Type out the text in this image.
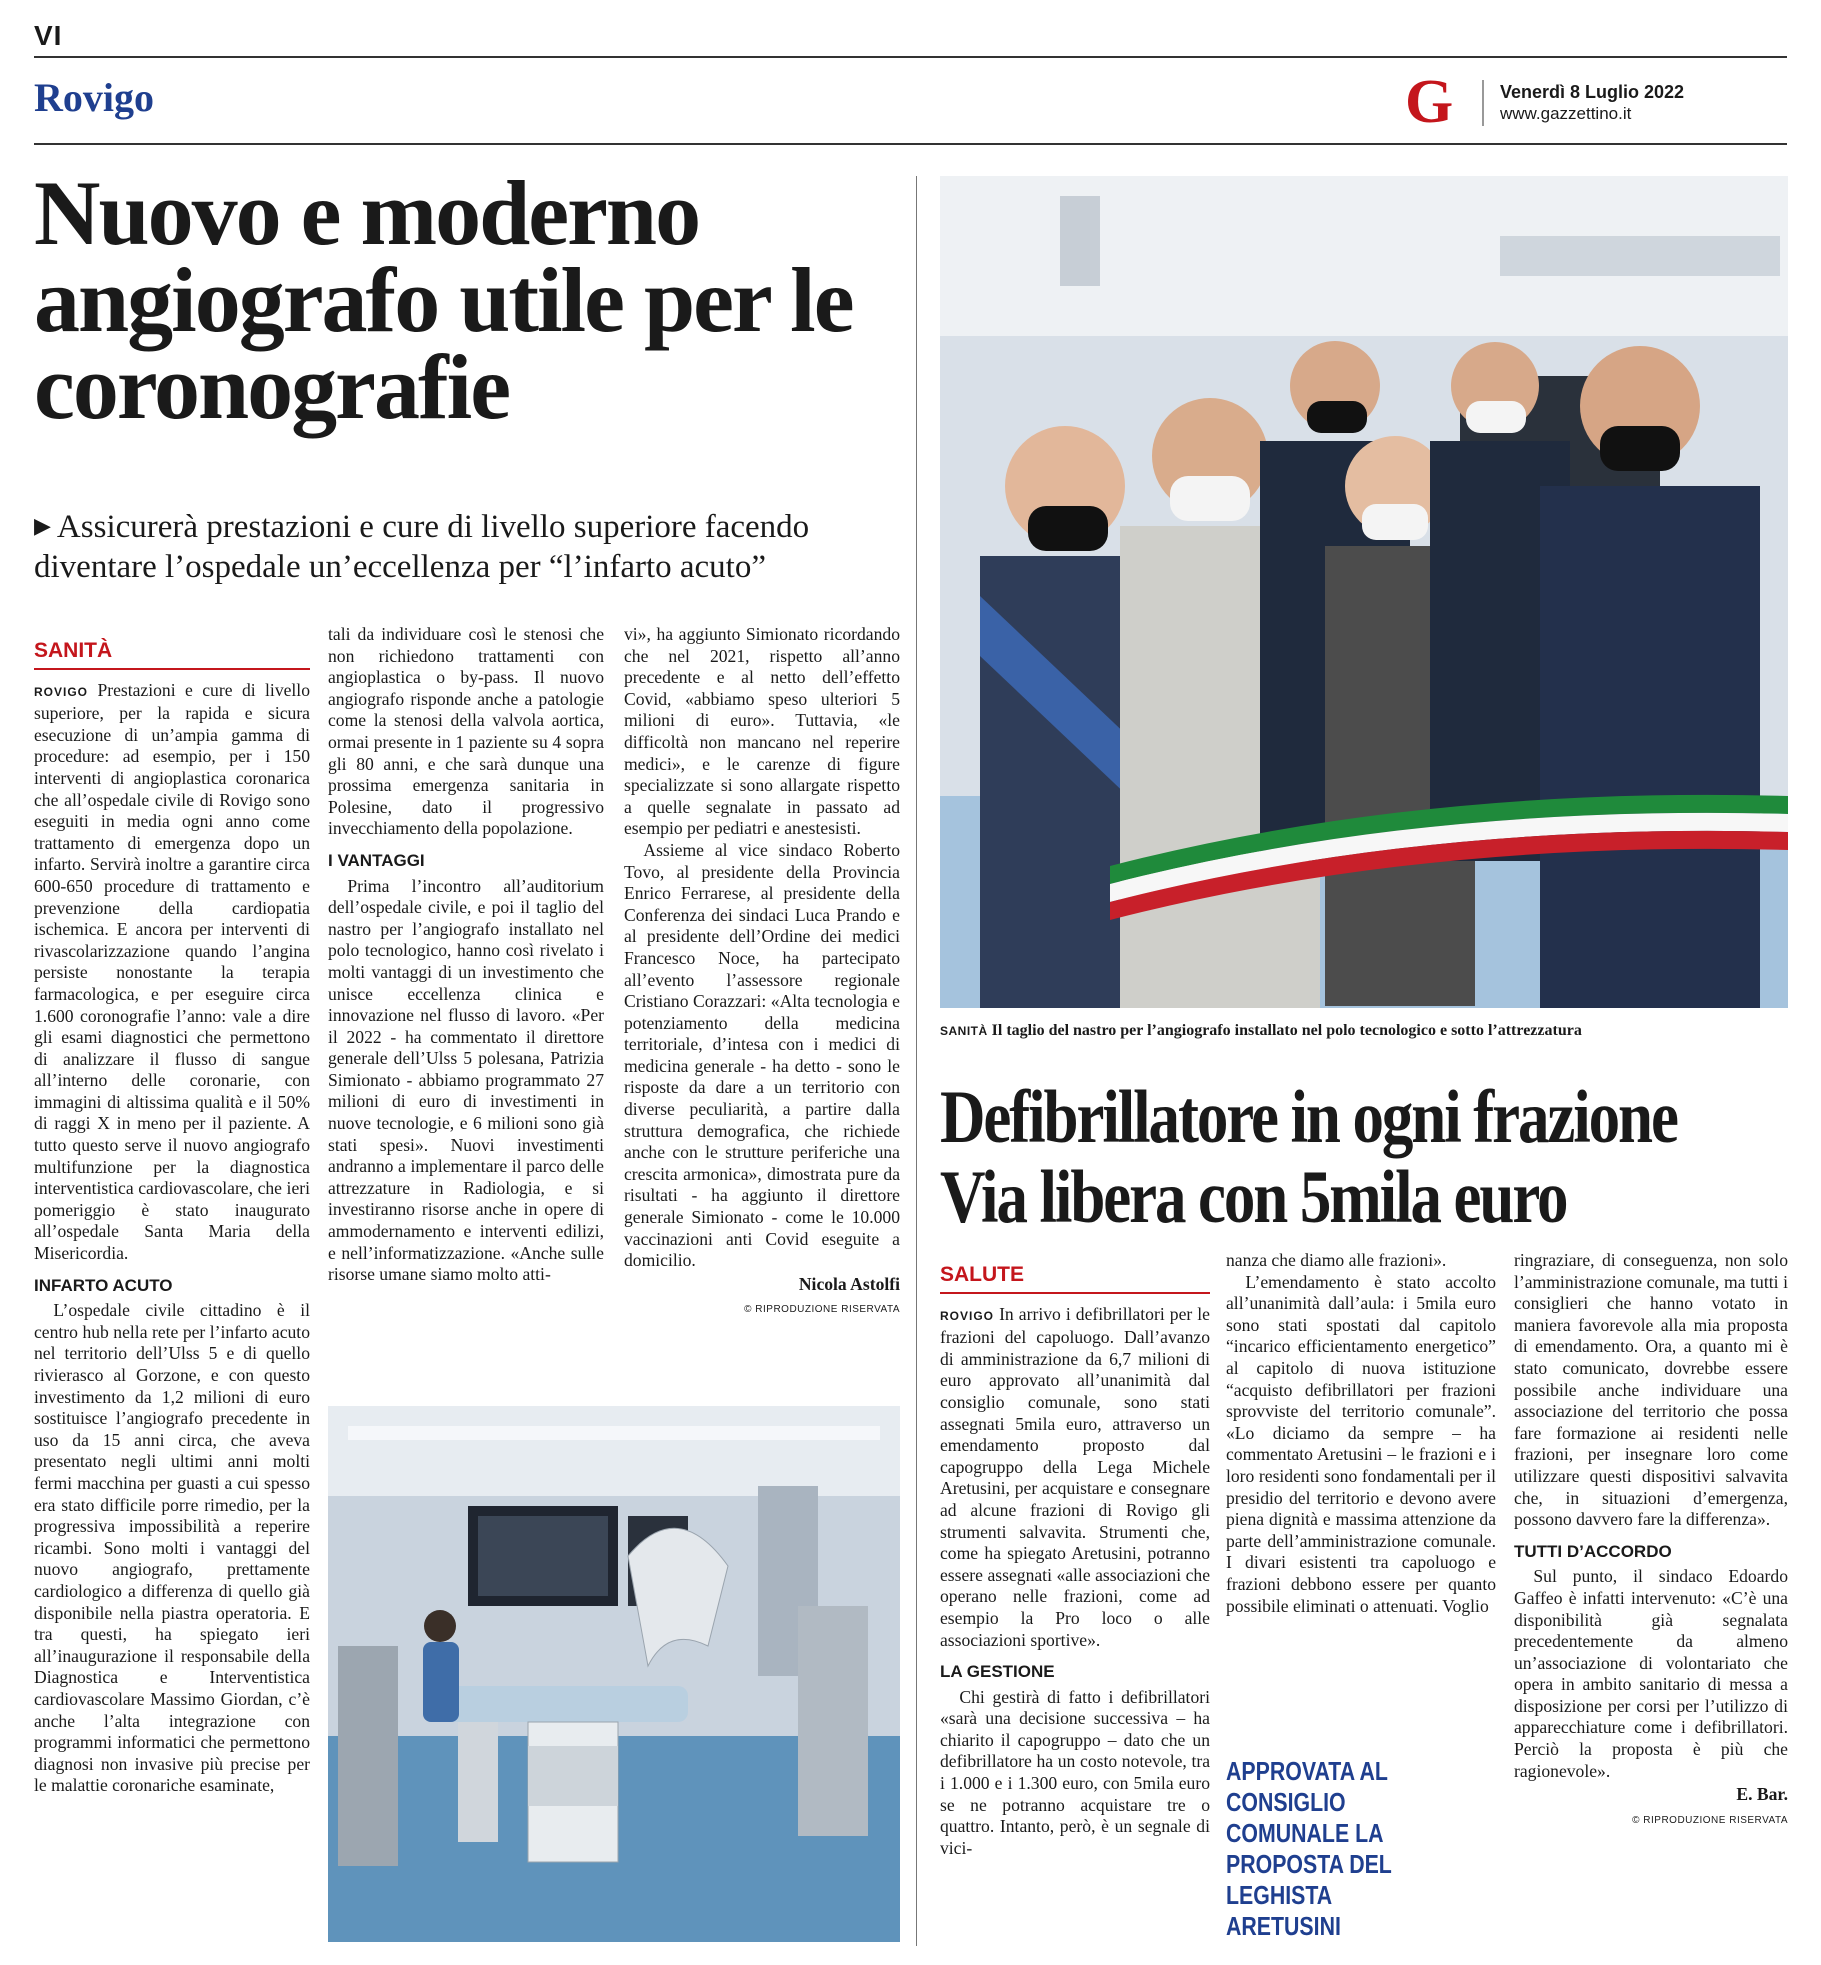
VI
Rovigo	G	Venerdì 8 Luglio 2022
www.gazzettino.it
Nuovo e moderno angiografo utile per le coronografie
▶ Assicurerà prestazioni e cure di livello superiore facendo diventare l’ospedale un’eccellenza per “l’infarto acuto”
SANITÀ

ROVIGO Prestazioni e cure di livello superiore, per la rapida e sicura esecuzione di un’ampia gamma di procedure: ad esempio, per i 150 interventi di angioplastica coronarica che all’ospedale civile di Rovigo sono eseguiti in media ogni anno come trattamento di emergenza dopo un infarto. Servirà inoltre a garantire circa 600-650 procedure di trattamento e prevenzione della cardiopatia ischemica. E ancora per interventi di rivascolarizzazione quando l’angina persiste nonostante la terapia farmacologica, e per eseguire circa 1.600 coronografie l’anno: vale a dire gli esami diagnostici che permettono di analizzare il flusso di sangue all’interno delle coronarie, con immagini di altissima qualità e il 50% di raggi X in meno per il paziente. A tutto questo serve il nuovo angiografo multifunzione per la diagnostica interventistica cardiovascolare, che ieri pomeriggio è stato inaugurato all’ospedale Santa Maria della Misericordia.

INFARTO ACUTO

L’ospedale civile cittadino è il centro hub nella rete per l’infarto acuto nel territorio dell’Ulss 5 e di quello rivierasco al Gorzone, e con questo investimento da 1,2 milioni di euro sostituisce l’angiografo precedente in uso da 15 anni circa, che aveva presentato negli ultimi anni molti fermi macchina per guasti a cui spesso era stato difficile porre rimedio, per la progressiva impossibilità a reperire ricambi. Sono molti i vantaggi del nuovo angiografo, prettamente cardiologico a differenza di quello già disponibile nella piastra operatoria. E tra questi, ha spiegato ieri all’inaugurazione il responsabile della Diagnostica e Interventistica cardiovascolare Massimo Giordan, c’è anche l’alta integrazione con programmi informatici che permettono diagnosi non invasive più precise per le malattie coronariche esaminate,

tali da individuare così le stenosi che non richiedono trattamenti con angioplastica o by-pass. Il nuovo angiografo risponde anche a patologie come la stenosi della valvola aortica, ormai presente in 1 paziente su 4 sopra gli 80 anni, e che sarà dunque una prossima emergenza sanitaria in Polesine, dato il progressivo invecchiamento della popolazione.

I VANTAGGI

Prima l’incontro all’auditorium dell’ospedale civile, e poi il taglio del nastro per l’angiografo installato nel polo tecnologico, hanno così rivelato i molti vantaggi di un investimento che unisce eccellenza clinica e innovazione nel flusso di lavoro. «Per il 2022 - ha commentato il direttore generale dell’Ulss 5 polesana, Patrizia Simionato - abbiamo programmato 27 milioni di euro di investimenti in nuove tecnologie, e 6 milioni sono già stati spesi». Nuovi investimenti andranno a implementare il parco delle attrezzature in Radiologia, e si investiranno risorse anche in opere di ammodernamento e interventi edilizi, e nell’informatizzazione. «Anche sulle risorse umane siamo molto atti-

vi», ha aggiunto Simionato ricordando che nel 2021, rispetto all’anno precedente e al netto dell’effetto Covid, «abbiamo speso ulteriori 5 milioni di euro». Tuttavia, «le difficoltà non mancano nel reperire medici», e le carenze di figure specializzate si sono allargate rispetto a quelle segnalate in passato ad esempio per pediatri e anestesisti.

Assieme al vice sindaco Roberto Tovo, al presidente della Provincia Enrico Ferrarese, al presidente della Conferenza dei sindaci Luca Prando e al presidente dell’Ordine dei medici Francesco Noce, ha partecipato all’evento l’assessore regionale Cristiano Corazzari: «Alta tecnologia e potenziamento della medicina territoriale, d’intesa con i medici di medicina generale - ha detto - sono le risposte da dare a un territorio con diverse peculiarità, a partire dalla struttura demografica, che richiede anche con le strutture periferiche una crescita armonica», dimostrata pure da risultati - ha aggiunto il direttore generale Simionato - come le 10.000 vaccinazioni anti Covid eseguite a domicilio.

Nicola Astolfi
© RIPRODUZIONE RISERVATA
SANITÀ Il taglio del nastro per l’angiografo installato nel polo tecnologico e sotto l’attrezzatura
Defibrillatore in ogni frazione
Via libera con 5mila euro
SALUTE

ROVIGO In arrivo i defibrillatori per le frazioni del capoluogo. Dall’avanzo di amministrazione da 6,7 milioni di euro approvato all’unanimità dal consiglio comunale, sono stati assegnati 5mila euro, attraverso un emendamento proposto dal capogruppo della Lega Michele Aretusini, per acquistare e consegnare ad alcune frazioni di Rovigo gli strumenti salvavita. Strumenti che, come ha spiegato Aretusini, potranno essere assegnati «alle associazioni che operano nelle frazioni, come ad esempio la Pro loco o alle associazioni sportive».

LA GESTIONE

Chi gestirà di fatto i defibrillatori «sarà una decisione successiva – ha chiarito il capogruppo – dato che un defibrillatore ha un costo notevole, tra i 1.000 e i 1.300 euro, con 5mila euro se ne potranno acquistare tre o quattro. Intanto, però, è un segnale di vici-

nanza che diamo alle frazioni».

L’emendamento è stato accolto all’unanimità dall’aula: i 5mila euro sono stati spostati dal capitolo “incarico efficientamento energetico” al capitolo di nuova istituzione “acquisto defibrillatori per frazioni sprovviste del territorio comunale”. «Lo diciamo da sempre – ha commentato Aretusini – le frazioni e i loro residenti sono fondamentali per il presidio del territorio e devono avere piena dignità e massima attenzione da parte dell’amministrazione comunale. I divari esistenti tra capoluogo e frazioni debbono essere per quanto possibile eliminati o attenuati. Voglio

APPROVATA AL CONSIGLIO COMUNALE LA PROPOSTA DEL LEGHISTA ARETUSINI

ringraziare, di conseguenza, non solo l’amministrazione comunale, ma tutti i consiglieri che hanno votato in maniera favorevole alla mia proposta di emendamento. Ora, a quanto mi è stato comunicato, dovrebbe essere possibile anche individuare una associazione del territorio che possa fare formazione ai residenti nelle frazioni, per insegnare loro come utilizzare questi dispositivi salvavita che, in situazioni d’emergenza, possono davvero fare la differenza».

TUTTI D’ACCORDO

Sul punto, il sindaco Edoardo Gaffeo è infatti intervenuto: «C’è una disponibilità già segnalata precedentemente da almeno un’associazione di volontariato che opera in ambito sanitario di messa a disposizione per corsi per l’utilizzo di apparecchiature come i defibrillatori. Perciò la proposta è più che ragionevole».

E. Bar.
© RIPRODUZIONE RISERVATA
